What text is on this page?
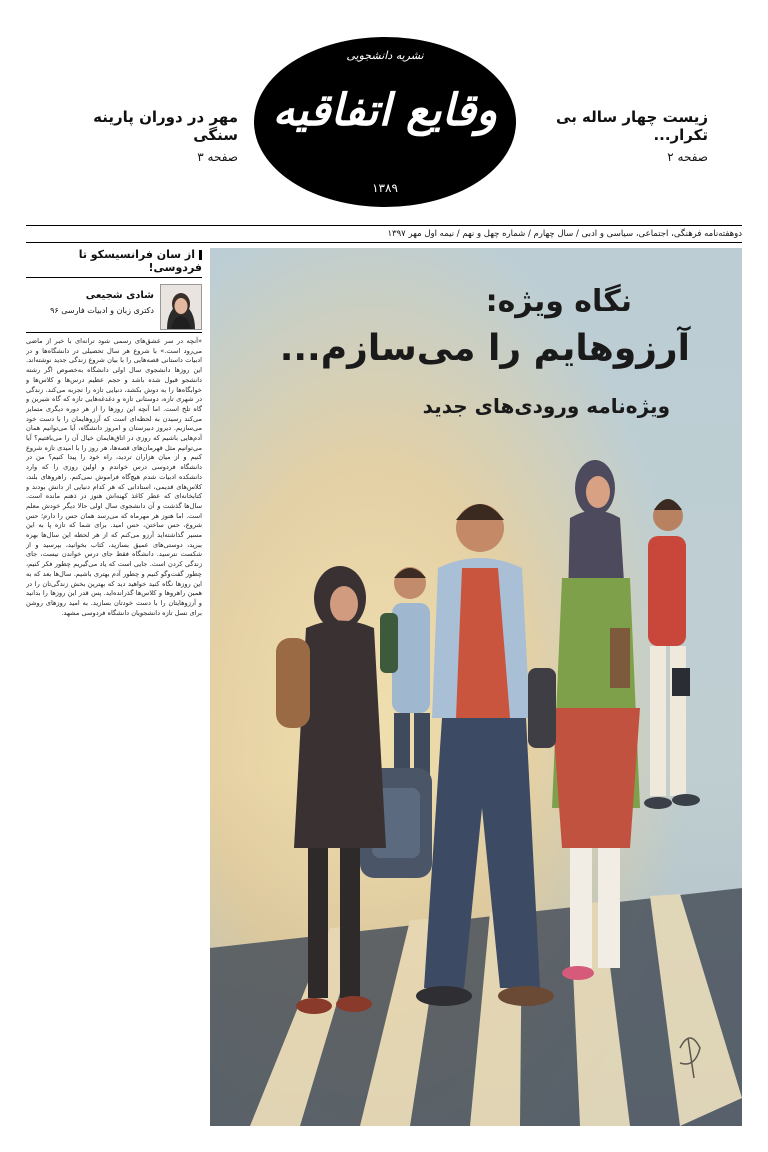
نشریه دانشجویی
وقایع اتفاقیه
۱۳۸۹
زیست چهار ساله بی تکرار...
صفحه ۲
مهر در دوران پارینه سنگی
صفحه ۳
دوهفته‌نامه فرهنگی، اجتماعی، سیاسی و ادبی / سال چهارم / شماره چهل و نهم / نیمه اول مهر ۱۳۹۷
از سان فرانسیسکو تا فردوسی!
شادی شجیعی
دکتری زبان و ادبیات فارسی ۹۶
«آنچه در سر عشق‌های رسمی شود ترانه‌ای با خبر از ماضی می‌رود است.» با شروع هر سال تحصیلی در دانشگاه‌ها و در ادبیات داستانی قصه‌هایی را با بیان شروع زندگی جدید نوشته‌اند. این روزها دانشجوی سال اولی دانشگاه به‌خصوص اگر رشته دانشجو قبول شده باشد و حجم عظیم درس‌ها و کلاس‌ها و خوابگاه‌ها را به دوش بکشد، دنیایی تازه را تجربه می‌کند. زندگی در شهری تازه، دوستانی تازه و دغدغه‌هایی تازه که گاه شیرین و گاه تلخ است. اما آنچه این روزها را از هر دوره دیگری متمایز می‌کند رسیدن به لحظه‌ای است که آرزوهایمان را با دست خود می‌سازیم. دیروز دبیرستان و امروز دانشگاه، آیا می‌توانیم همان آدم‌هایی باشیم که روزی در اتاق‌هایمان خیال آن را می‌بافتیم؟ آیا می‌توانیم مثل قهرمان‌های قصه‌ها، هر روز را با امیدی تازه شروع کنیم و از میان هزاران تردید، راه خود را پیدا کنیم؟ من در دانشگاه فردوسی درس خواندم و اولین روزی را که وارد دانشکده ادبیات شدم هیچ‌گاه فراموش نمی‌کنم. راهروهای بلند، کلاس‌های قدیمی، استادانی که هر کدام دنیایی از دانش بودند و کتابخانه‌ای که عطر کاغذ کهنه‌اش هنوز در ذهنم مانده است. سال‌ها گذشت و آن دانشجوی سال اولی حالا دیگر خودش معلم است. اما هنوز هر مهرماه که می‌رسد همان حس را دارم؛ حس شروع، حس ساختن، حس امید. برای شما که تازه پا به این مسیر گذاشته‌اید آرزو می‌کنم که از هر لحظه این سال‌ها بهره ببرید، دوستی‌های عمیق بسازید، کتاب بخوانید، بپرسید و از شکست نترسید. دانشگاه فقط جای درس خواندن نیست، جای زندگی کردن است. جایی است که یاد می‌گیریم چطور فکر کنیم، چطور گفت‌وگو کنیم و چطور آدم بهتری باشیم. سال‌ها بعد که به این روزها نگاه کنید خواهید دید که بهترین بخش زندگی‌تان را در همین راهروها و کلاس‌ها گذرانده‌اید. پس قدر این روزها را بدانید و آرزوهایتان را با دست خودتان بسازید. به امید روزهای روشن برای نسل تازه دانشجویان دانشگاه فردوسی مشهد.
نگاه ویژه:
آرزوهایم را می‌سازم...
ویژه‌نامه ورودی‌های جدید
